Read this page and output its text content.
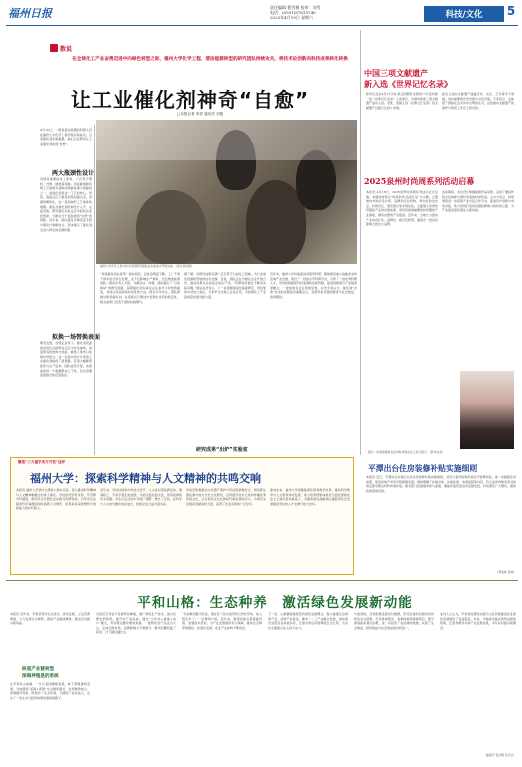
福州日报	责任编辑 曹雪梅 校审：刘雪
电话：(0591)87619740
2025年4月19日 星期六	科技/文化	5
数说
在全球化工产业奋勇迈进中向绿色转型之际，福州大学化学工程、清洁能源转型的研究团队持续攻关，将技术论创新向科技成果转化转换
让工业催化剂神奇“自愈”
□本报记者 李祥 通讯员 刘艳
4月16日，一群身着实验服的科研人员在福州大学化学工程学院实验室内，记录催化剂实验数据，他们正在研究让工业催化剂实现“自愈”。
两大瓶颈性设计
丙烯是重要的化工原料，广泛用于塑料、纤维、橡胶等领域。丙烷脱氢制丙烯工艺被视为获取丙烯最具潜力的路线之一，而催化剂是这一工艺的核心。然而，高温反应下催化剂易积碳失活，需要频繁再生，这一直是制约工艺效率的难题。团队从催化剂结构设计入手，反复试验，研究催化剂在反应中的动态变化规律，力图在分子层面找到“自愈”的钥匙。近年来，团队通过多种表征手段与理论计算相结合，逐步揭示了催化剂失活与再生的关键机理。
拟换一场替换表面
研究发现，在特定条件下，催化剂表面的活性位点能够在反应中自发重构，恢复原有的结构与性能，就像人体伤口能够自然愈合。这一发现为设计长寿命工业催化剂提供了新思路，有望大幅降低能耗与生产成本。团队成员介绍，实验室的每一个数据都来之不易，往往需要连续数月的反复验证。
福州大学化学工程与技术学院研究团队在实验室中开展实验。（受访者供图）
“传统催化剂在使用一段时间后，活性会明显下降，工厂不得不停车进行再生处理，这不仅影响生产效率，还会增加能源消耗。”团队负责人介绍，为解决这一问题，团队提出了“以动制动”的研究思路，着眼催化剂在真实反应条件下的结构演变，寻找让其持续保持活性的方法。经过多年攻关，团队研制出新型催化剂，在连续运行测试中表现出优异的稳定性，相关成果已发表于国际权威期刊。
据了解，该研究成果有望广泛应用于石油化工领域，为行业绿色低碳转型提供技术支撑。目前，团队正在与相关企业开展合作，推动成果从实验室走向生产线。“科研的价值在于解决实际问题。”团队成员表示，下一步将继续深化基础研究，同时加快中试放大验证，力争早日实现工业化应用，为我国化工产业高质量发展贡献力量。
研究成果“出炉”实验室
近年来，福州大学持续推进有组织科研，聚焦国家重大战略需求和区域产业发展，建设了一批高水平科研平台，引育了一批优秀科研人才。学校积极探索科技成果转化新机制，促进创新链与产业链深度融合，一批成果在企业落地见效。业内专家认为，催化剂“自愈”技术的突破具有重要意义，有望带来可观的经济与社会效益，值得期待。
中国三项文献遗产
新入选《世界记忆名录》
新华社北京4月17日电 联合国教科文组织17日宣布新一批《世界记忆名录》入选项目，中国申报的三项文献遗产成功入选。至此，我国入选《世界记忆名录》的文献遗产总数已达到十余项。
此次入选的文献遗产涵盖历史、文化、艺术等多个领域，具有重要的历史价值与文化价值。专家表示，这体现了国际社会对中华文明的认可，也将推动文献遗产的保护与利用工作迈上新台阶。
2025泉州时尚周系列活动启幕
本报讯 4月18日，2025泉州时尚周系列活动正式启幕。本届时尚周以“时尚泉州 品质生活”为主题，汇聚国内外知名设计师、品牌和行业机构，举办时装发布会、时尚论坛、展览展示等多项活动，全面展示泉州纺织服装产业的发展成果。泉州是我国重要的纺织服装产业基地，拥有完整的产业链条。近年来，当地大力推动产业向设计化、品牌化、数字化转型，涌现出一批具有影响力的自主品牌。
活动期间，多位设计师携最新作品亮相，呈现了兼具传统文化韵味与现代审美的时尚作品。主办方表示，时尚周将进一步搭建产业交流合作平台，促进设计创新与市场对接，助力泉州打造具有国际影响力的时尚之都，为产业高质量发展注入新动能。
图片：时装周模特在泉州时尚周活动上进行展示。（新华社发）
聚焦“三大福字名片开发”述评
福州大学：探索科学精神与人文精神的共鸣交响
本报讯 福州大学坚持立德树人根本任务，深入推进科学精神与人文精神相融合的育人模式。学校依托学科优势，开设跨学科课程，组织学生开展社会实践与科研训练，引导学生在探索科学真理的同时涵养人文情怀，培养具有家国情怀与创新能力的时代新人。
近年来，学校持续举办科技文化节、人文讲坛等品牌活动，邀请院士、专家学者走进校园，与师生面对面交流，营造浓厚的学术氛围。学生们在活动中开阔了视野、增长了见识，在科学与人文的交融中收获成长，校园文化日益丰富多彩。
学校还积极推动文化遗产保护与科技创新相结合，组织师生团队参与地方历史文化研究，运用数字技术记录和传播优秀传统文化，让古老的文化在新时代焕发新的活力，为建设文化强省贡献高校力量，获得了社会各界的广泛好评。
面向未来，福州大学将继续深化教育教学改革，推动科学教育与人文教育协同发展，着力培养德智体美劳全面发展的社会主义建设者和接班人，为服务国家战略和区域经济社会发展提供坚实的人才支撑与智力支持。
平潭出台住房装修补贴实施细则
本报讯 近日，平潭综合实验区出台住房装修补贴实施细则，对符合条件的购房者给予装修补贴，进一步提振住房消费，促进房地产市场平稳健康发展。细则明确了补贴对象、补贴标准、申请流程等内容，符合条件的购房者可按规定提交相关材料申请补贴。相关部门将加强审核与监督，确保补贴资金及时足额发放，切实惠及广大群众，推动政策落地见效。
（郭旭鸣 杨林）
平和山格：生态种养　激活绿色发展新动能
本报讯 近年来，平和县坚持生态优先、绿色发展，立足资源禀赋，大力发展生态种养，推动产业提质增效，激活乡村振兴新动能。
纵观产业链转型
深海养殖是的系统
在平和县山格镇，一片片茶园郁郁葱葱，林下养殖蓬勃发展。当地探索“茶园+养殖”生态循环模式，实现种养结合、资源循环利用，既保护了生态环境，又增加了农民收入，走出了一条生态与经济协调发展的新路子。
当地还引导农户发展特色种植，推广绿色生产技术，减少化肥农药使用，提升农产品品质。通过“合作社+基地+农户”模式，带动周边群众增收致富。一批特色农产品走出大山，走向全国市场，品牌影响力不断提升，群众的腰包鼓了起来，日子越过越红火。
“以前种田靠天吃饭，现在有了技术指导和合作社带动，收入稳定多了。”一位种养户说。近年来，镇里持续完善基础设施，加强技术培训，为产业发展提供有力保障，推动生态种养规模化、标准化发展，农业产业结构不断优化。
下一步，山格镇将继续坚持绿色发展理念，做大做强生态种养产业，延伸产业链条，推动一二三产业融合发展，加快建设宜居宜业和美乡村，让绿水青山持续释放生态红利，为乡村全面振兴注入持久动力。
与此同时，当地积极发展乡村旅游，依托优美的田园风光和特色农业资源，打造休闲观光、农事体验等旅游项目，吸引游客前来观光消费，进一步拓宽了农民增收渠道，实现了生态效益、经济效益与社会效益的有机统一。
业内人士认为，平和县的探索实践为山区县域推进农业绿色发展提供了有益借鉴。未来，当地将持续完善利益联结机制，让更多群众共享产业发展成果，书写乡村振兴新篇章。
（谢丽平 包佳明 吴志达）
